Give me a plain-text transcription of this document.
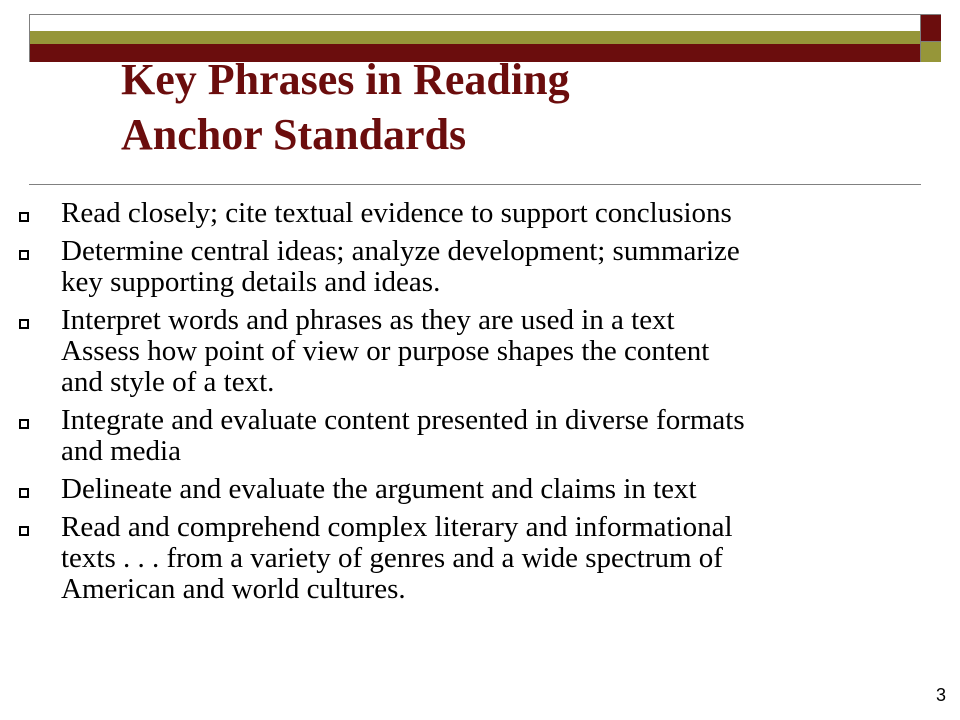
Key Phrases in Reading
Anchor Standards
Read closely; cite textual evidence to support conclusions
Determine central ideas; analyze development; summarize
key supporting details and ideas.
Interpret words and phrases as they are used in a text
Assess how point of view or purpose shapes the content
and style of a text.
Integrate and evaluate content presented in diverse formats
and media
Delineate and evaluate the argument and claims in text
Read and comprehend complex literary and informational
texts . . . from a variety of genres and a wide spectrum of
American and world cultures.
3
